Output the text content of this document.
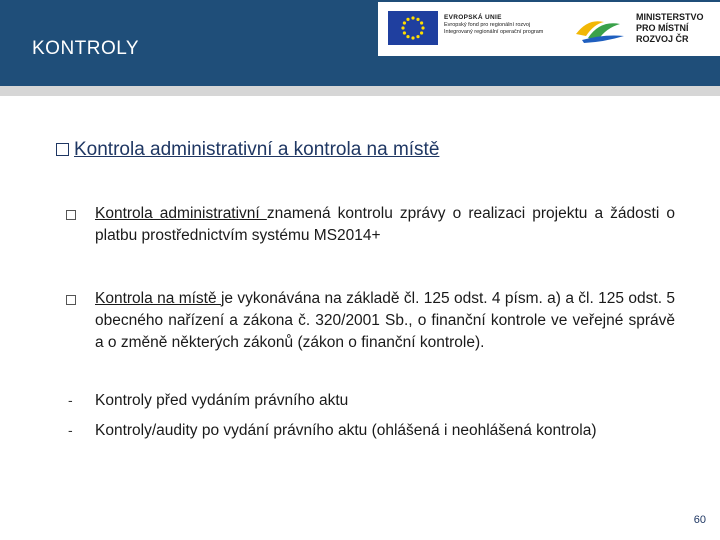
KONTROLY
EVROPSKÁ UNIE
Evropský fond pro regionální rozvoj
Integrovaný regionální operační program
MINISTERSTVO
PRO MÍSTNÍ
ROZVOJ ČR
Kontrola administrativní a kontrola na místě
Kontrola administrativní znamená kontrolu zprávy o realizaci projektu a žádosti o platbu prostřednictvím systému MS2014+
Kontrola na místě je vykonávána na základě čl. 125 odst. 4 písm. a) a čl. 125 odst. 5 obecného nařízení a zákona č. 320/2001 Sb., o finanční kontrole ve veřejné správě a o změně některých zákonů (zákon o finanční kontrole).
- Kontroly před vydáním právního aktu
- Kontroly/audity po vydání právního aktu (ohlášená i neohlášená kontrola)
60
